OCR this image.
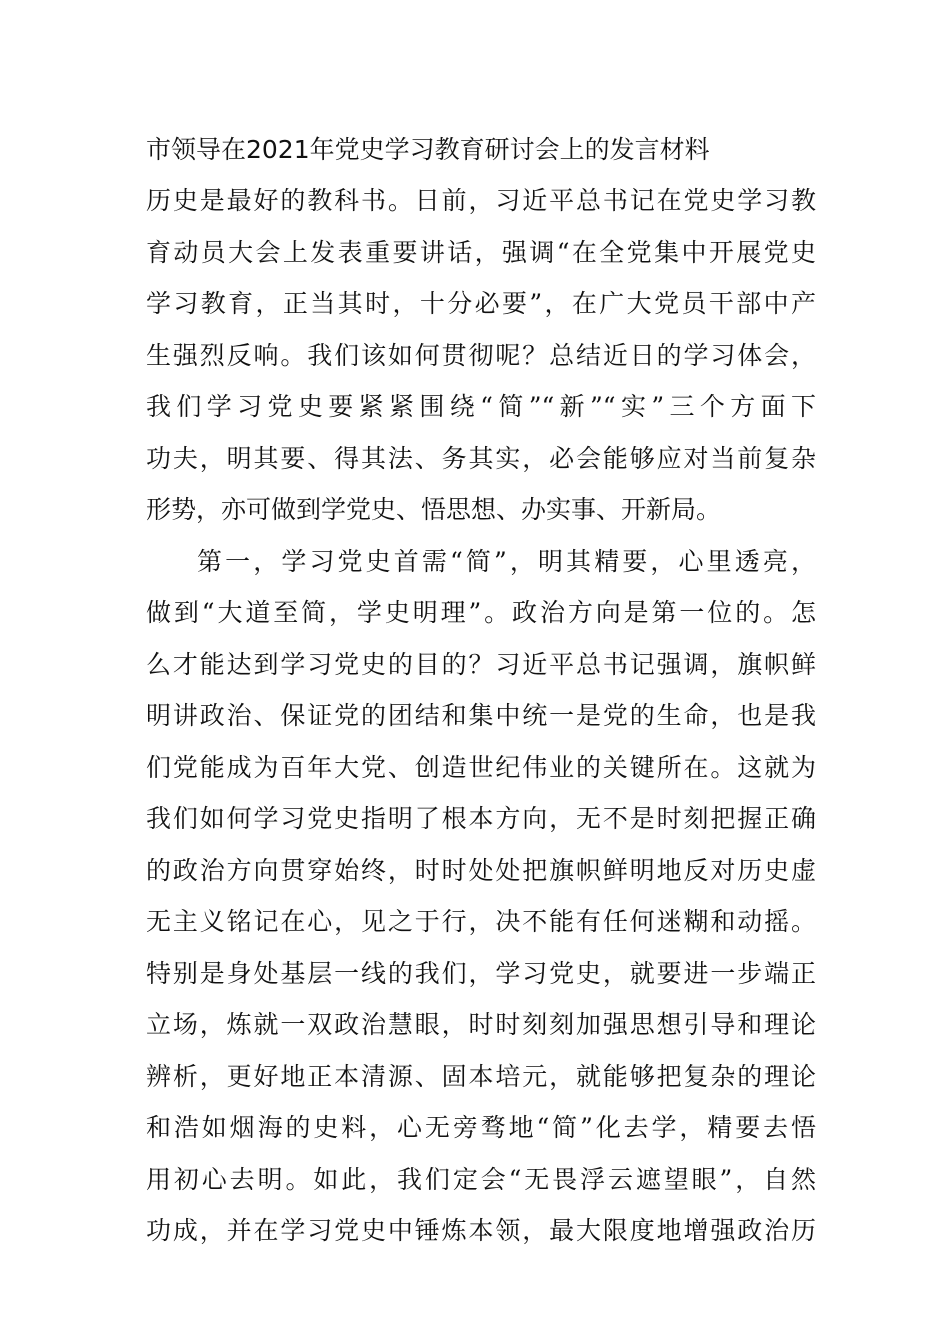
市领导在2021年党史学习教育研讨会上的发言材料
历史是最好的教科书。日前，习近平总书记在党史学习教
育动员大会上发表重要讲话，强调“在全党集中开展党史
学习教育，正当其时，十分必要”，在广大党员干部中产
生强烈反响。我们该如何贯彻呢？总结近日的学习体会，
我们学习党史要紧紧围绕“简”“新”“实”三个方面下
功夫，明其要、得其法、务其实，必会能够应对当前复杂
形势，亦可做到学党史、悟思想、办实事、开新局。
第一，学习党史首需“简”，明其精要，心里透亮，
做到“大道至简，学史明理”。政治方向是第一位的。怎
么才能达到学习党史的目的？习近平总书记强调，旗帜鲜
明讲政治、保证党的团结和集中统一是党的生命，也是我
们党能成为百年大党、创造世纪伟业的关键所在。这就为
我们如何学习党史指明了根本方向，无不是时刻把握正确
的政治方向贯穿始终，时时处处把旗帜鲜明地反对历史虚
无主义铭记在心，见之于行，决不能有任何迷糊和动摇。
特别是身处基层一线的我们，学习党史，就要进一步端正
立场，炼就一双政治慧眼，时时刻刻加强思想引导和理论
辨析，更好地正本清源、固本培元，就能够把复杂的理论
和浩如烟海的史料，心无旁骛地“简”化去学，精要去悟
用初心去明。如此，我们定会“无畏浮云遮望眼”，自然
功成，并在学习党史中锤炼本领，最大限度地增强政治历
